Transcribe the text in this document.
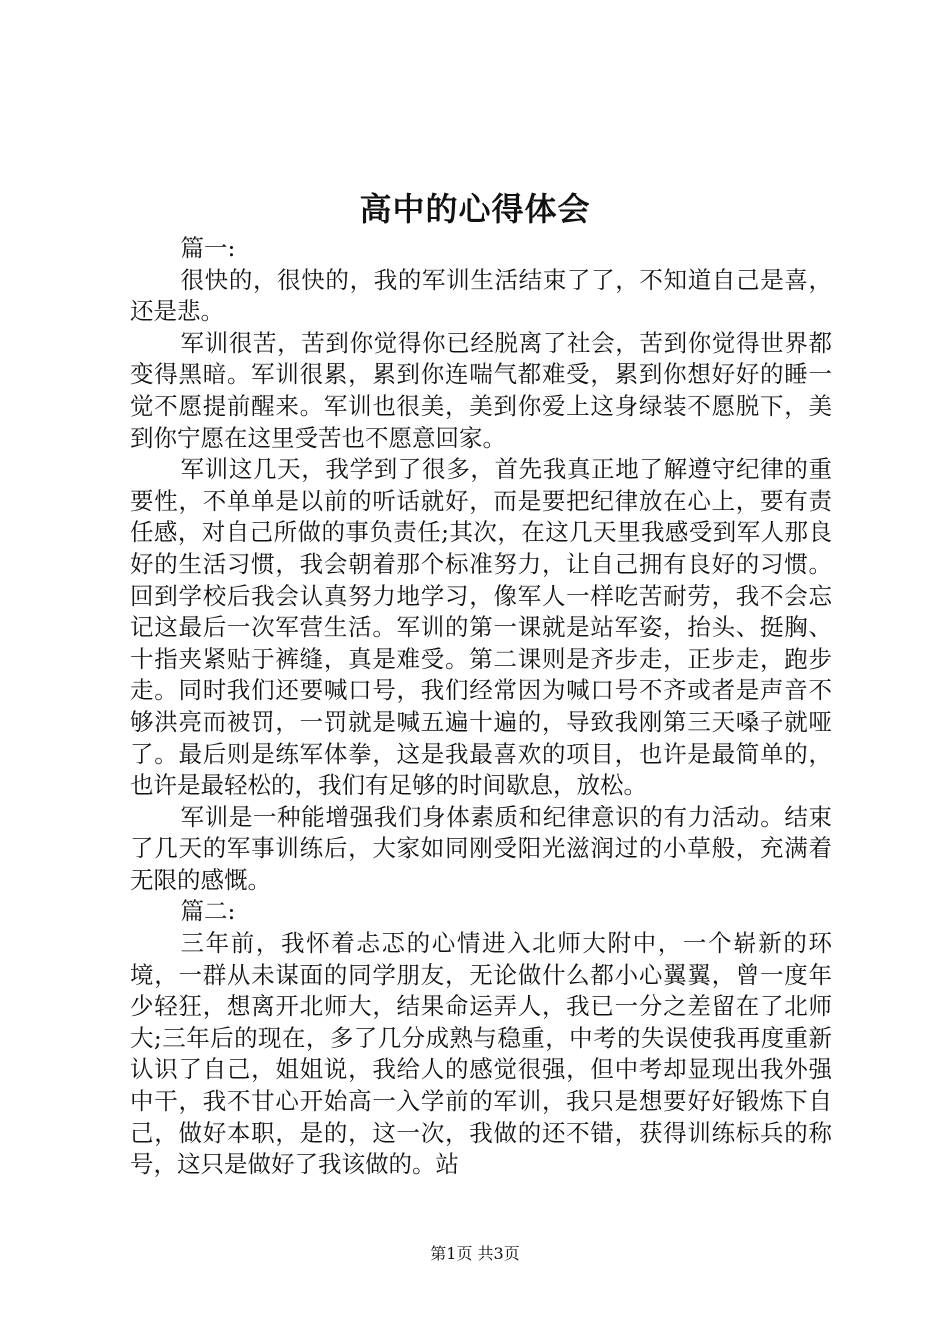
高中的心得体会

篇一:

很快的，很快的，我的军训生活结束了了，不知道自己是喜，还是悲。

军训很苦，苦到你觉得你已经脱离了社会，苦到你觉得世界都变得黑暗。军训很累，累到你连喘气都难受，累到你想好好的睡一觉不愿提前醒来。军训也很美，美到你爱上这身绿装不愿脱下，美到你宁愿在这里受苦也不愿意回家。

军训这几天，我学到了很多，首先我真正地了解遵守纪律的重要性，不单单是以前的听话就好，而是要把纪律放在心上，要有责任感，对自己所做的事负责任;其次，在这几天里我感受到军人那良好的生活习惯，我会朝着那个标准努力，让自己拥有良好的习惯。回到学校后我会认真努力地学习，像军人一样吃苦耐劳，我不会忘记这最后一次军营生活。军训的第一课就是站军姿，抬头、挺胸、十指夹紧贴于裤缝，真是难受。第二课则是齐步走，正步走，跑步走。同时我们还要喊口号，我们经常因为喊口号不齐或者是声音不够洪亮而被罚，一罚就是喊五遍十遍的，导致我刚第三天嗓子就哑了。最后则是练军体拳，这是我最喜欢的项目，也许是最简单的，也许是最轻松的，我们有足够的时间歇息，放松。

军训是一种能增强我们身体素质和纪律意识的有力活动。结束了几天的军事训练后，大家如同刚受阳光滋润过的小草般，充满着无限的感慨。

篇二:

三年前，我怀着忐忑的心情进入北师大附中，一个崭新的环境，一群从未谋面的同学朋友，无论做什么都小心翼翼，曾一度年少轻狂，想离开北师大，结果命运弄人，我已一分之差留在了北师大;三年后的现在，多了几分成熟与稳重，中考的失误使我再度重新认识了自己，姐姐说，我给人的感觉很强，但中考却显现出我外强中干，我不甘心开始高一入学前的军训，我只是想要好好锻炼下自己，做好本职，是的，这一次，我做的还不错，获得训练标兵的称号，这只是做好了我该做的。站

第1页 共3页
